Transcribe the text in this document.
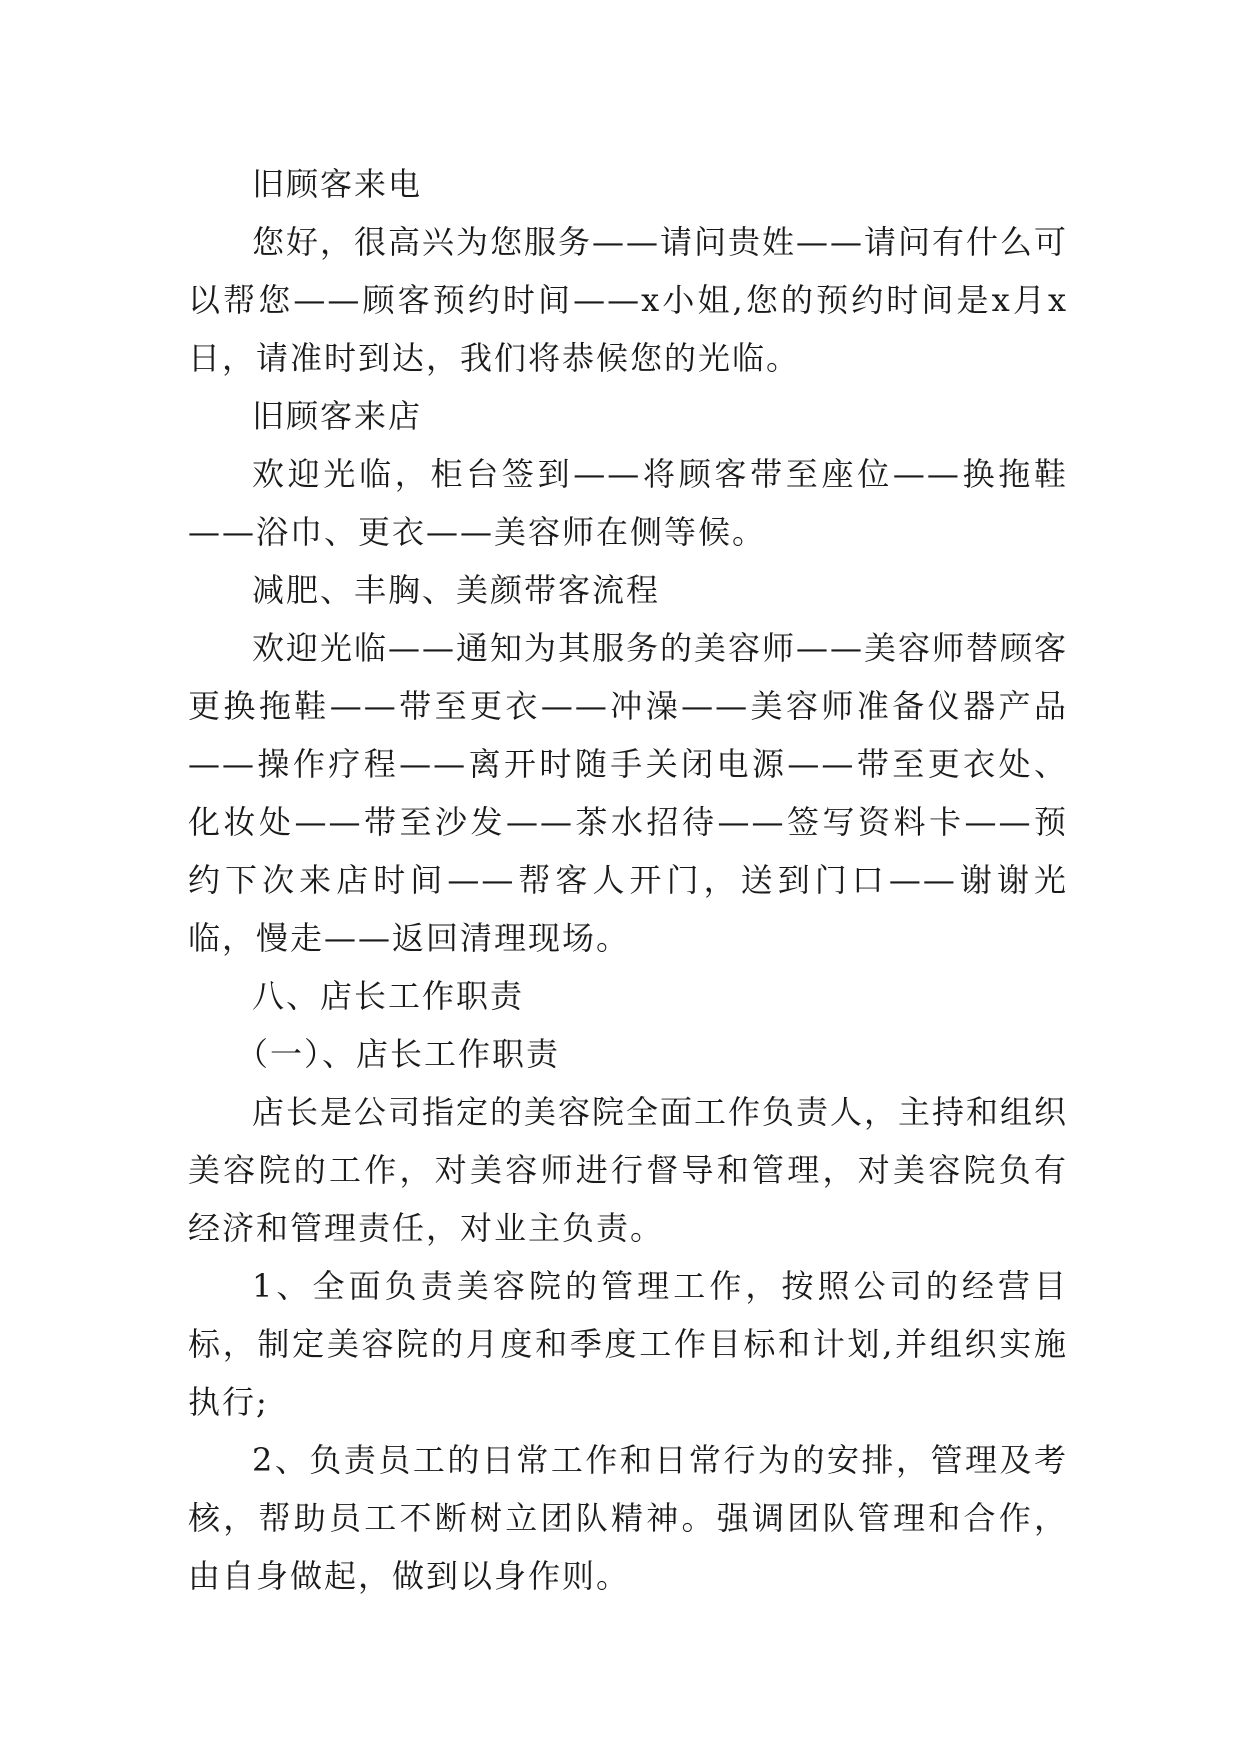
旧顾客来电

您好，很高兴为您服务——请问贵姓——请问有什么可以帮您——顾客预约时间——x小姐,您的预约时间是x月x日，请准时到达，我们将恭候您的光临。

旧顾客来店

欢迎光临，柜台签到——将顾客带至座位——换拖鞋——浴巾、更衣——美容师在侧等候。

减肥、丰胸、美颜带客流程

欢迎光临——通知为其服务的美容师——美容师替顾客更换拖鞋——带至更衣——冲澡——美容师准备仪器产品——操作疗程——离开时随手关闭电源——带至更衣处、化妆处——带至沙发——茶水招待——签写资料卡——预约下次来店时间——帮客人开门，送到门口——谢谢光临，慢走——返回清理现场。

八、店长工作职责

（一）、店长工作职责

店长是公司指定的美容院全面工作负责人，主持和组织美容院的工作，对美容师进行督导和管理，对美容院负有经济和管理责任，对业主负责。

1、全面负责美容院的管理工作，按照公司的经营目标，制定美容院的月度和季度工作目标和计划,并组织实施执行;

2、负责员工的日常工作和日常行为的安排，管理及考核，帮助员工不断树立团队精神。强调团队管理和合作，由自身做起，做到以身作则。
